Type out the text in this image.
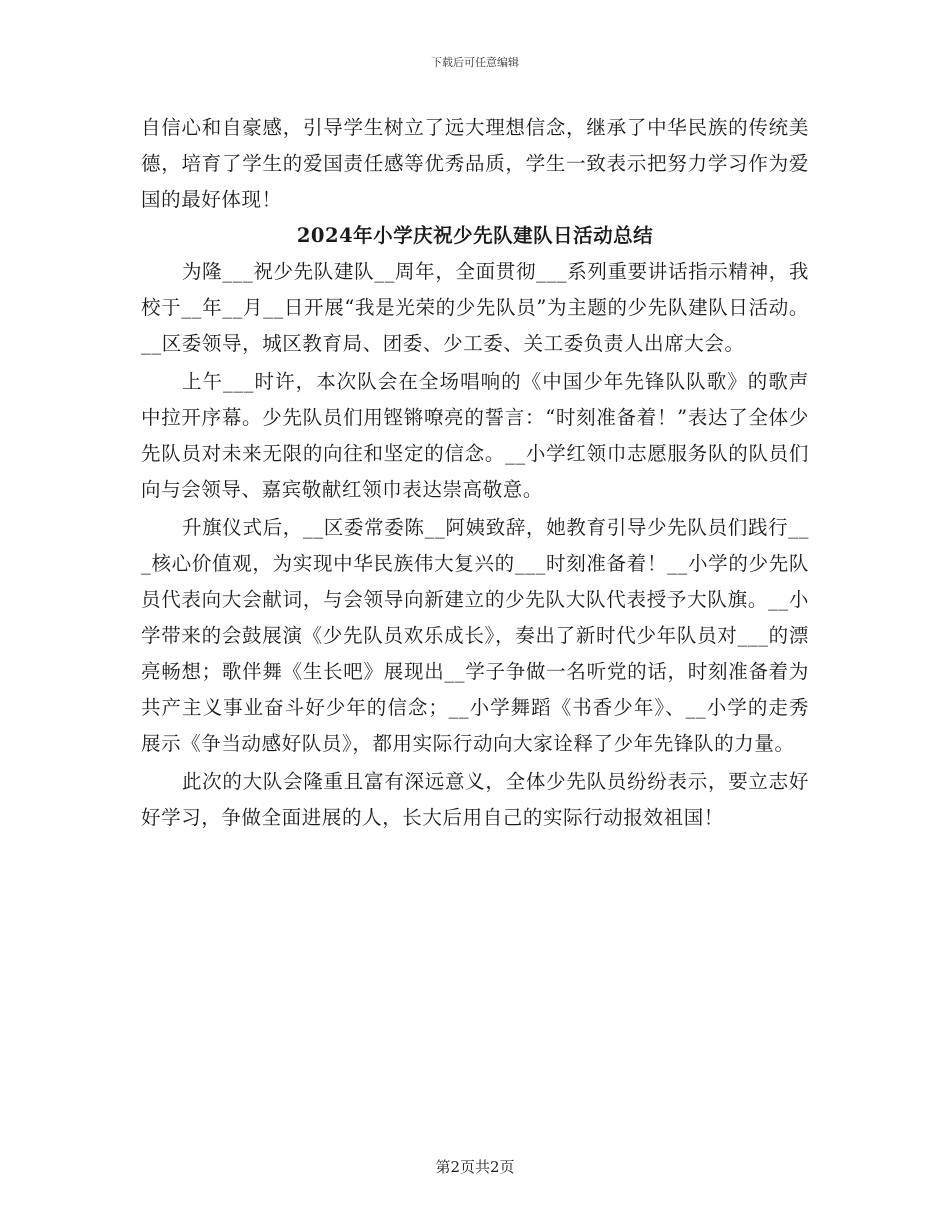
下载后可任意编辑

自信心和自豪感，引导学生树立了远大理想信念，继承了中华民族的传统美德，培育了学生的爱国责任感等优秀品质，学生一致表示把努力学习作为爱国的最好体现！

2024年小学庆祝少先队建队日活动总结

为隆___祝少先队建队__周年，全面贯彻___系列重要讲话指示精神，我校于__年__月__日开展“我是光荣的少先队员”为主题的少先队建队日活动。__区委领导，城区教育局、团委、少工委、关工委负责人出席大会。

上午___时许，本次队会在全场唱响的《中国少年先锋队队歌》的歌声中拉开序幕。少先队员们用铿锵嘹亮的誓言：“时刻准备着！”表达了全体少先队员对未来无限的向往和坚定的信念。__小学红领巾志愿服务队的队员们向与会领导、嘉宾敬献红领巾表达崇高敬意。

升旗仪式后，__区委常委陈__阿姨致辞，她教育引导少先队员们践行___核心价值观，为实现中华民族伟大复兴的___时刻准备着！__小学的少先队员代表向大会献词，与会领导向新建立的少先队大队代表授予大队旗。__小学带来的会鼓展演《少先队员欢乐成长》，奏出了新时代少年队员对___的漂亮畅想；歌伴舞《生长吧》展现出__学子争做一名听党的话，时刻准备着为共产主义事业奋斗好少年的信念；__小学舞蹈《书香少年》、__小学的走秀展示《争当动感好队员》，都用实际行动向大家诠释了少年先锋队的力量。

此次的大队会隆重且富有深远意义，全体少先队员纷纷表示，要立志好好学习，争做全面进展的人，长大后用自己的实际行动报效祖国！

第2页共2页
